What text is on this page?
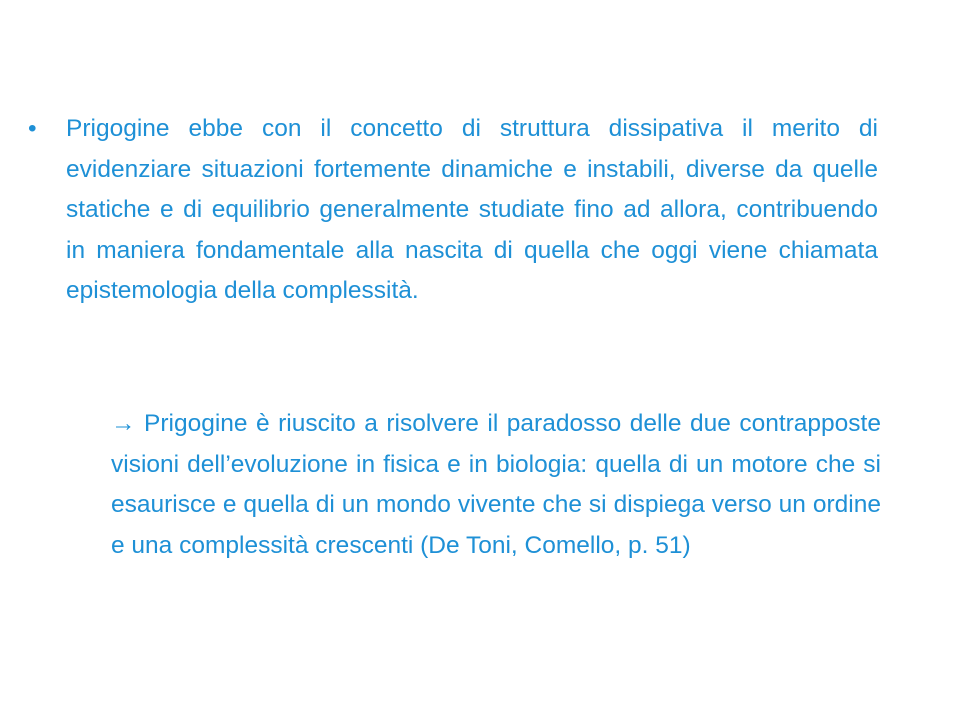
•	Prigogine ebbe con il concetto di struttura dissipativa il merito di evidenziare situazioni fortemente dinamiche e instabili, diverse da quelle statiche e di equilibrio generalmente studiate fino ad allora, contribuendo in maniera fondamentale alla nascita di quella che oggi viene chiamata epistemologia della complessità.
→ Prigogine è riuscito a risolvere il paradosso delle due contrapposte visioni dell’evoluzione in fisica e in biologia: quella di un motore che si esaurisce e quella di un mondo vivente che si dispiega verso un ordine e una complessità crescenti (De Toni, Comello, p. 51)
